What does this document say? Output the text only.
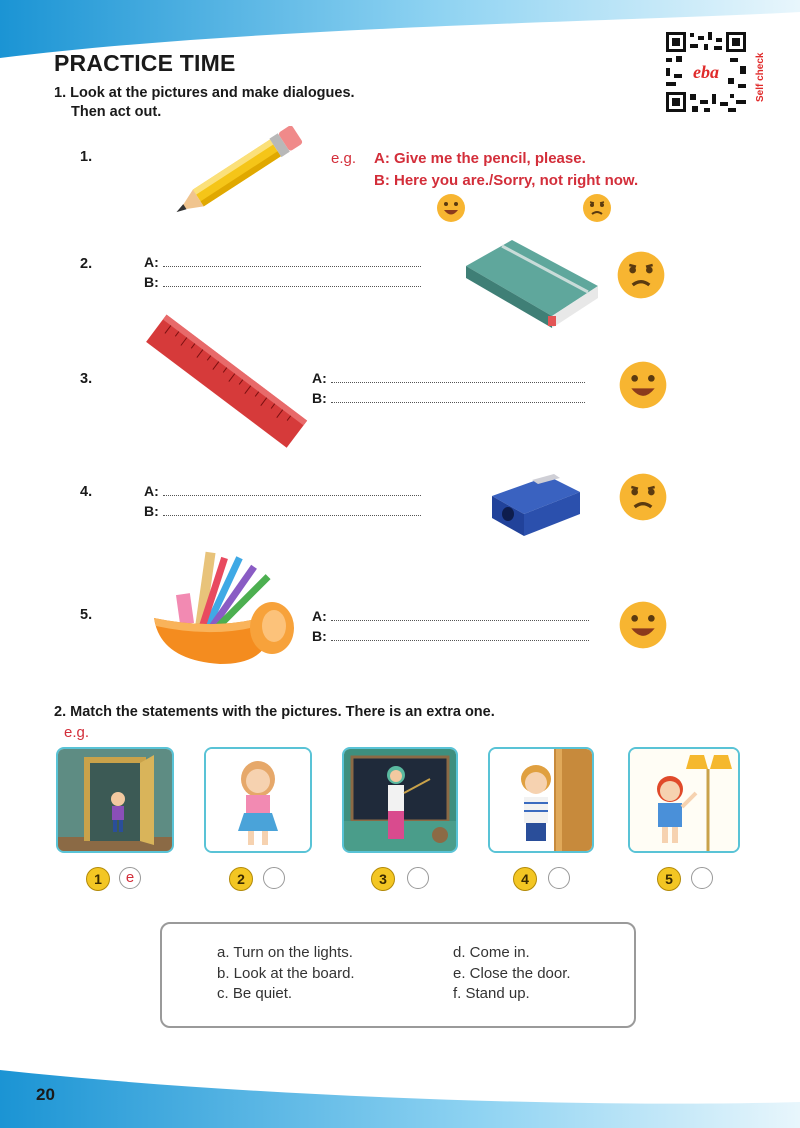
PRACTICE TIME	eba	Self check
1. Look at the pictures and make dialogues.
Then act out.
1.	e.g. A: Give me the pencil, please.
B: Here you are./Sorry, not right now.
2.	A:
B:
3.	A:
B:
4.	A:
B:
5.	A:
B:
2. Match the statements with the pictures. There is an extra one.
e.g.
1	e	2	3	4	5
a. Turn on the lights.
b. Look at the board.
c. Be quiet.
d. Come in.
e. Close the door.
f. Stand up.
20
